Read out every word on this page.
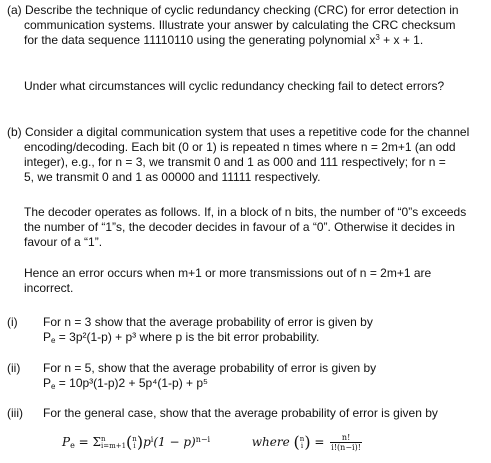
(a) Describe the technique of cyclic redundancy checking (CRC) for error detection in
communication systems. Illustrate your answer by calculating the CRC checksum
for the data sequence 11110110 using the generating polynomial $x^3 + x + 1$.
Under what circumstances will cyclic redundancy checking fail to detect errors?
(b) Consider a digital communication system that uses a repetitive code for the channel
encoding/decoding. Each bit (0 or 1) is repeated n times where n = 2m+1 (an odd
integer), e.g., for n = 3, we transmit 0 and 1 as 000 and 111 respectively; for n =
5, we transmit 0 and 1 as 00000 and 11111 respectively.
The decoder operates as follows. If, in a block of n bits, the number of “0”s exceeds
the number of “1”s, the decoder decides in favour of a “0”. Otherwise it decides in
favour of a “1”.
Hence an error occurs when m+1 or more transmissions out of n = 2m+1 are
incorrect.
(i) For n = 3 show that the average probability of error is given by
$P_e = 3p^2(1-p) + p^3$ where p is the bit error probability.
(ii) For n = 5, show that the average probability of error is given by
$P_e = 10p^3(1-p)2 + 5p^4(1-p) + p^5$
(iii) For the general case, show that the average probability of error is given by
$P_e = \Sigma$ n
i=m+1 ( n
i )$p^i(1 - p)^{n-i}$	where ( n
i ) = $\frac{n!}{i!(n-i)!}$
